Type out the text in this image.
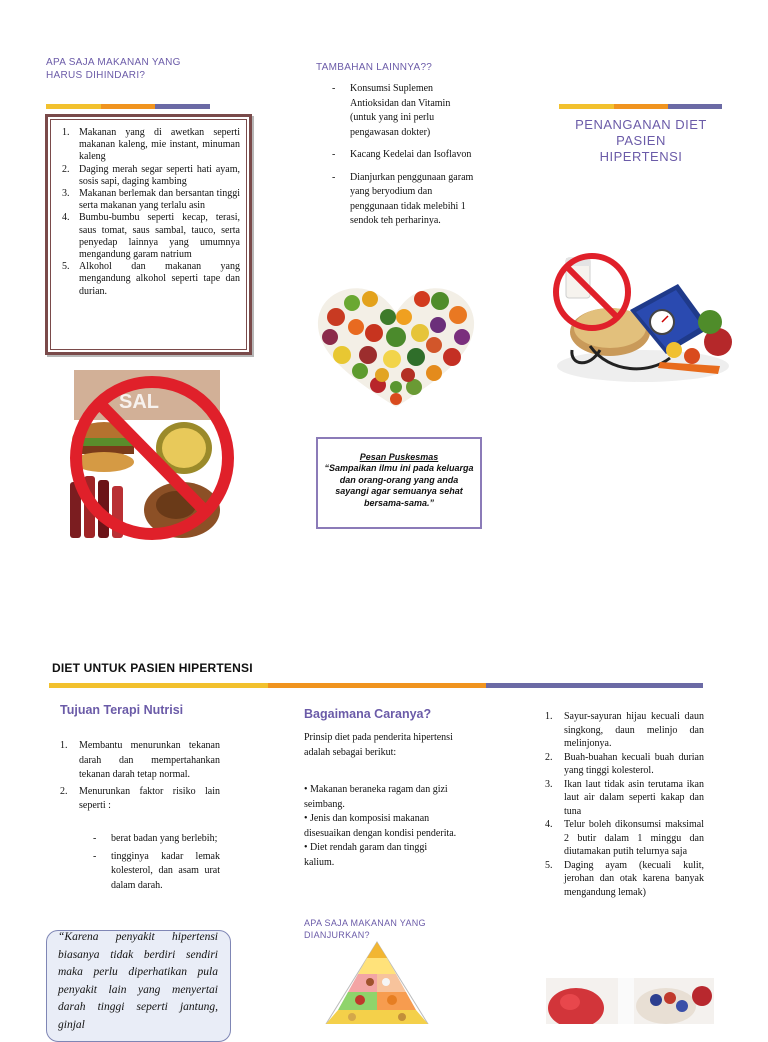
APA SAJA MAKANAN YANG HARUS DIHINDARI?
1. Makanan yang di awetkan seperti makanan kaleng, mie instant, minuman kaleng
2. Daging merah segar seperti hati ayam, sosis sapi, daging kambing
3. Makanan berlemak dan bersantan tinggi serta makanan yang terlalu asin
4. Bumbu-bumbu seperti kecap, terasi, saus tomat, saus sambal, tauco, serta penyedap lainnya yang umumnya mengandung garam natrium
5. Alkohol dan makanan yang mengandung alkohol seperti tape dan durian.
SAL
TAMBAHAN LAINNYA??
- Konsumsi Suplemen Antioksidan dan Vitamin (untuk yang ini perlu pengawasan dokter)
- Kacang Kedelai dan Isoflavon
- Dianjurkan penggunaan garam yang beryodium dan penggunaan tidak melebihi 1 sendok teh perharinya.
Pesan Puskesmas
“Sampaikan ilmu ini pada keluarga dan orang-orang yang anda sayangi agar semuanya sehat bersama-sama.”
PENANGANAN DIET
PASIEN
HIPERTENSI
DIET UNTUK PASIEN HIPERTENSI
Tujuan Terapi Nutrisi
1. Membantu menurunkan tekanan darah dan mempertahankan tekanan darah tetap normal.
2. Menurunkan faktor risiko lain seperti :
- berat badan yang berlebih;
- tingginya kadar lemak kolesterol, dan asam urat dalam darah.
“Karena penyakit hipertensi biasanya tidak berdiri sendiri maka perlu diperhatikan pula penyakit lain yang menyertai darah tinggi seperti jantung, ginjal
Bagaimana Caranya?
Prinsip diet pada penderita hipertensi adalah sebagai berikut:
• Makanan beraneka ragam dan gizi seimbang.
• Jenis dan komposisi makanan disesuaikan dengan kondisi penderita.
• Diet rendah garam dan tinggi kalium.
APA SAJA MAKANAN YANG DIANJURKAN?
1. Sayur-sayuran hijau kecuali daun singkong, daun melinjo dan melinjonya.
2. Buah-buahan kecuali buah durian yang tinggi kolesterol.
3. Ikan laut tidak asin terutama ikan laut air dalam seperti kakap dan tuna
4. Telur boleh dikonsumsi maksimal 2 butir dalam 1 minggu dan diutamakan putih telurnya saja
5. Daging ayam (kecuali kulit, jerohan dan otak karena banyak mengandung lemak)
